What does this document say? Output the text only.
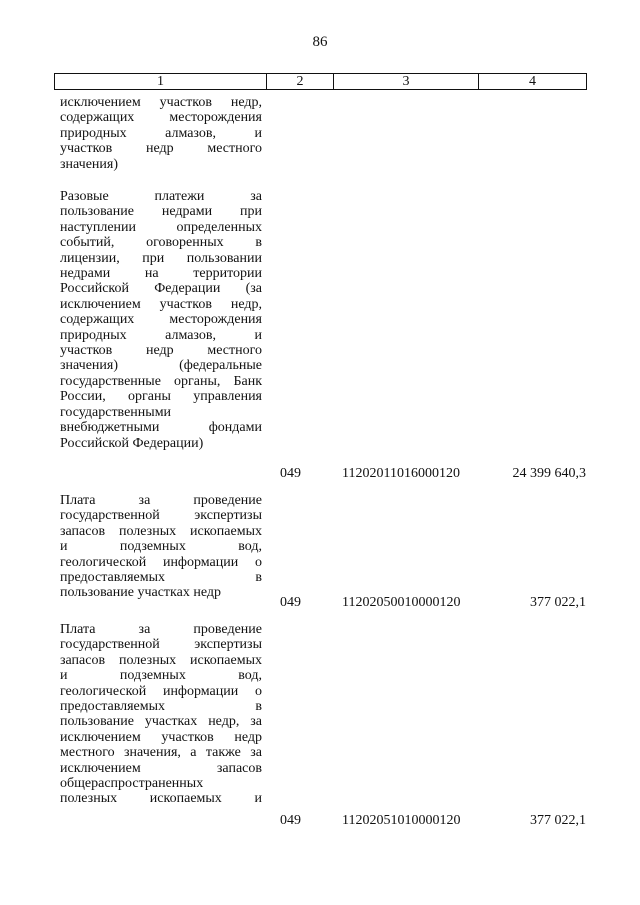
86
1	2	3	4
исключением участков недр,
содержащих месторождения
природных алмазов, и
участков недр местного
значения)
Разовые платежи за
пользование недрами при
наступлении определенных
событий, оговоренных в
лицензии, при пользовании
недрами на территории
Российской Федерации (за
исключением участков недр,
содержащих месторождения
природных алмазов, и
участков недр местного
значения) (федеральные
государственные органы, Банк
России, органы управления
государственными
внебюджетными фондами
Российской Федерации)
049	11202011016000120	24 399 640,3
Плата за проведение
государственной экспертизы
запасов полезных ископаемых
и подземных вод,
геологической информации о
предоставляемых в
пользование участках недр
049	11202050010000120	377 022,1
Плата за проведение
государственной экспертизы
запасов полезных ископаемых
и подземных вод,
геологической информации о
предоставляемых в
пользование участках недр, за
исключением участков недр
местного значения, а также за
исключением запасов
общераспространенных
полезных ископаемых и
049	11202051010000120	377 022,1
